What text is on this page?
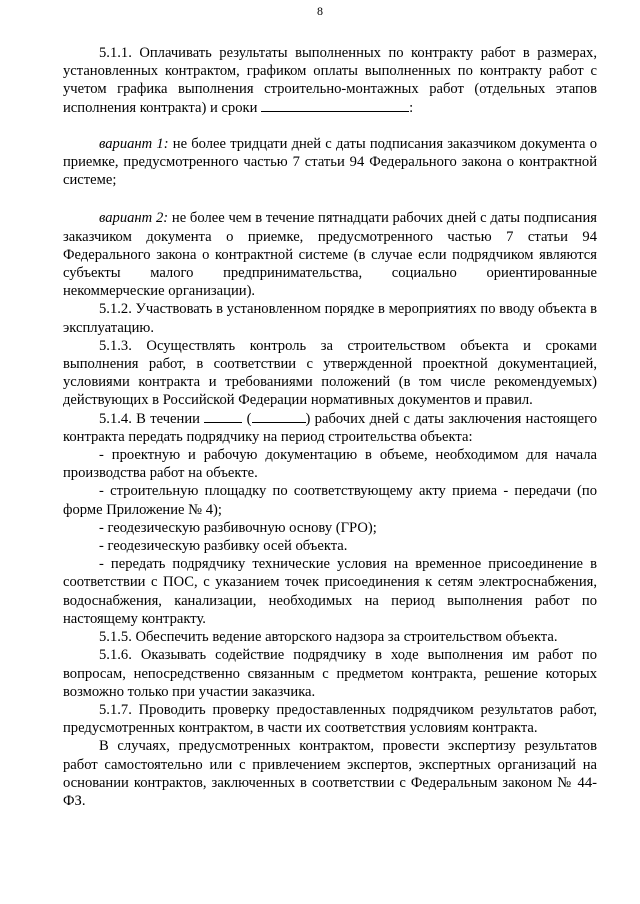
8

5.1.1. Оплачивать результаты выполненных по контракту работ в размерах, установленных контрактом, графиком оплаты выполненных по контракту работ с учетом графика выполнения строительно-монтажных работ (отдельных этапов исполнения контракта) и сроки	:

вариант 1: не более тридцати дней с даты подписания заказчиком документа о приемке, предусмотренного частью 7 статьи 94 Федерального закона о контрактной системе;

вариант 2: не более чем в течение пятнадцати рабочих дней с даты подписания заказчиком документа о приемке, предусмотренного частью 7 статьи 94 Федерального закона о контрактной системе (в случае если подрядчиком являются субъекты малого предпринимательства, социально ориентированные некоммерческие организации).

5.1.2. Участвовать в установленном порядке в мероприятиях по вводу объекта в эксплуатацию.

5.1.3. Осуществлять контроль за строительством объекта и сроками выполнения работ, в соответствии с утвержденной проектной документацией, условиями контракта и требованиями положений (в том числе рекомендуемых) действующих в Российской Федерации нормативных документов и правил.

5.1.4. В течении	(	) рабочих дней с даты заключения настоящего контракта передать подрядчику на период строительства объекта:

- проектную и рабочую документацию в объеме, необходимом для начала производства работ на объекте.

- строительную площадку по соответствующему акту приема - передачи (по форме Приложение № 4);

- геодезическую разбивочную основу (ГРО);

- геодезическую разбивку осей объекта.

- передать подрядчику технические условия на временное присоединение в соответствии с ПОС, с указанием точек присоединения к сетям электроснабжения, водоснабжения, канализации, необходимых на период выполнения работ по настоящему контракту.

5.1.5. Обеспечить ведение авторского надзора за строительством объекта.

5.1.6. Оказывать содействие подрядчику в ходе выполнения им работ по вопросам, непосредственно связанным с предметом контракта, решение которых возможно только при участии заказчика.

5.1.7. Проводить проверку предоставленных подрядчиком результатов работ, предусмотренных контрактом, в части их соответствия условиям контракта.

В случаях, предусмотренных контрактом, провести экспертизу результатов работ самостоятельно или с привлечением экспертов, экспертных организаций на основании контрактов, заключенных в соответствии с Федеральным законом № 44-ФЗ.
